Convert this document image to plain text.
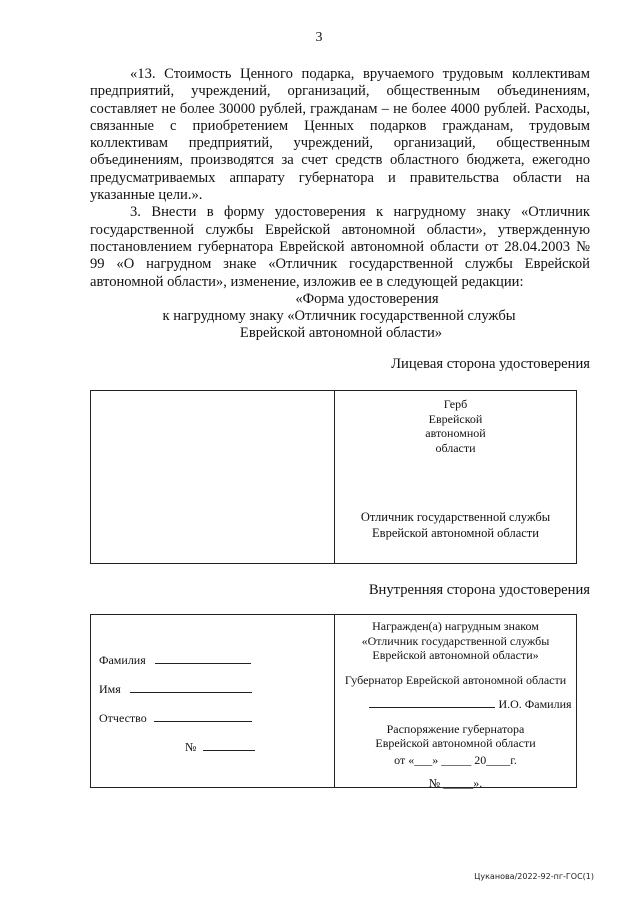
3

«13. Стоимость Ценного подарка, вручаемого трудовым коллективам предприятий, учреждений, организаций, общественным объединениям, составляет не более 30000 рублей, гражданам – не более 4000 рублей. Расходы, связанные с приобретением Ценных подарков гражданам, трудовым коллективам предприятий, учреждений, организаций, общественным объединениям, производятся за счет средств областного бюджета, ежегодно предусматриваемых аппарату губернатора и правительства области на указанные цели.».

3. Внести в форму удостоверения к нагрудному знаку «Отличник государственной службы Еврейской автономной области», утвержденную постановлением губернатора Еврейской автономной области от 28.04.2003 № 99 «О нагрудном знаке «Отличник государственной службы Еврейской автономной области», изменение, изложив ее в следующей редакции:

«Форма удостоверения
к нагрудному знаку «Отличник государственной службы
Еврейской автономной области»
Лицевая сторона удостоверения
Герб
Еврейской
автономной
области
Отличник государственной службы
Еврейской автономной области
Внутренняя сторона удостоверения
Фамилия
Имя
Отчество
№
Награжден(а) нагрудным знаком
«Отличник государственной службы
Еврейской автономной области»
Губернатор Еврейской автономной области
И.О. Фамилия
Распоряжение губернатора
Еврейской автономной области
от «___» _____ 20____г.
№ _____».
Цуканова/2022-92-пг-ГОС(1)
